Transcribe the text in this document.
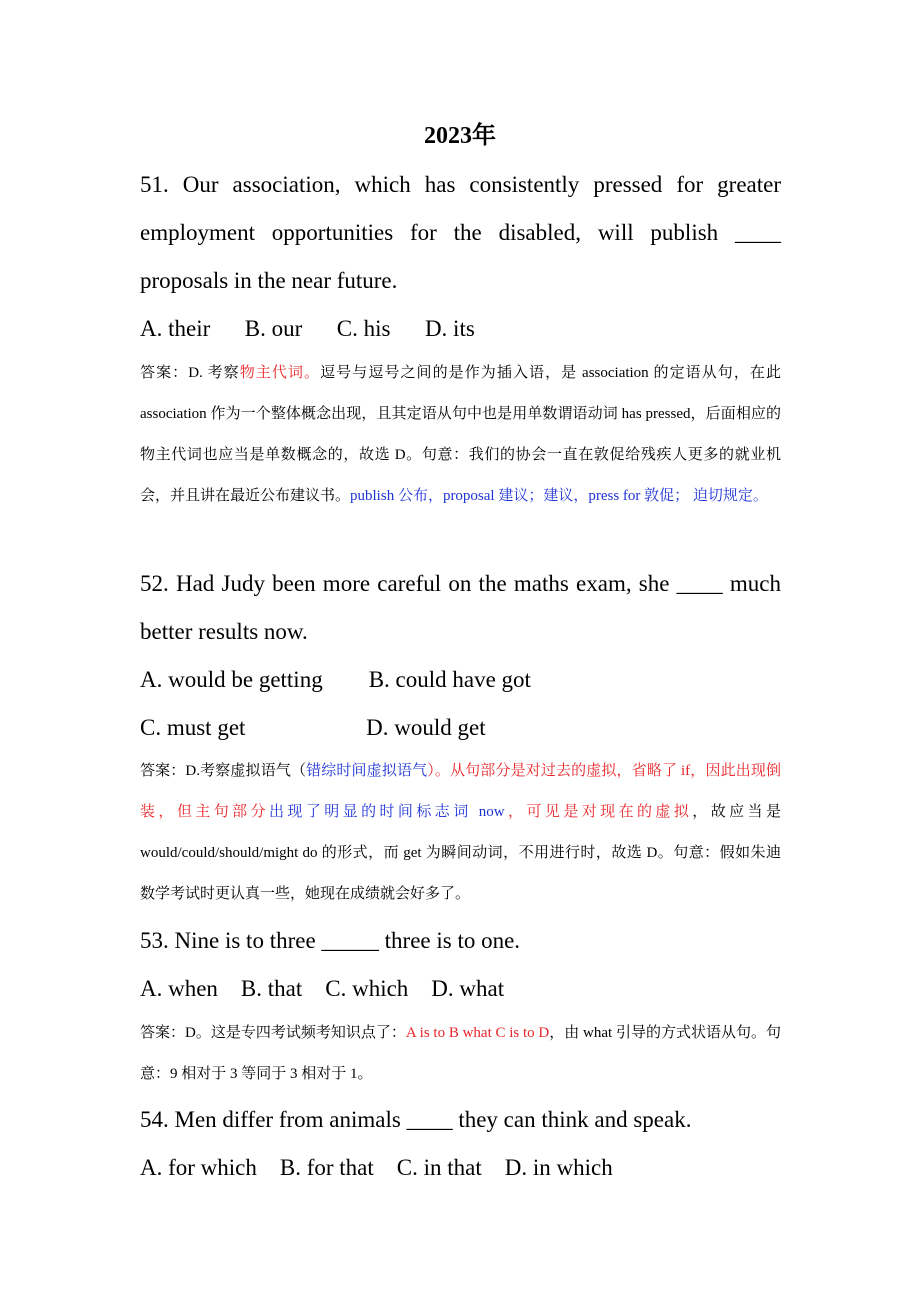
2023年
51. Our association, which has consistently pressed for greater employment opportunities for the disabled, will publish ____ proposals in the near future.
A. their      B. our      C. his      D. its
答案：D. 考察物主代词。逗号与逗号之间的是作为插入语，是 association 的定语从句，在此 association 作为一个整体概念出现，且其定语从句中也是用单数谓语动词 has pressed，后面相应的物主代词也应当是单数概念的，故选 D。句意：我们的协会一直在敦促给残疾人更多的就业机会，并且讲在最近公布建议书。publish 公布，proposal 建议；建议，press for 敦促； 迫切规定。
52. Had Judy been more careful on the maths exam, she ____ much better results now.
A. would be getting        B. could have got
C. must get                     D. would get
答案：D.考察虚拟语气（错综时间虚拟语气）。从句部分是对过去的虚拟，省略了 if，因此出现倒装，但主句部分出现了明显的时间标志词 now，可见是对现在的虚拟，故应当是 would/could/should/might do 的形式，而 get 为瞬间动词，不用进行时，故选 D。句意：假如朱迪数学考试时更认真一些，她现在成绩就会好多了。
53. Nine is to three _____ three is to one.
A. when    B. that    C. which    D. what
答案：D。这是专四考试频考知识点了：A is to B what C is to D，由 what 引导的方式状语从句。句意：9 相对于 3 等同于 3 相对于 1。
54. Men differ from animals ____ they can think and speak.
A. for which    B. for that    C. in that    D. in which
